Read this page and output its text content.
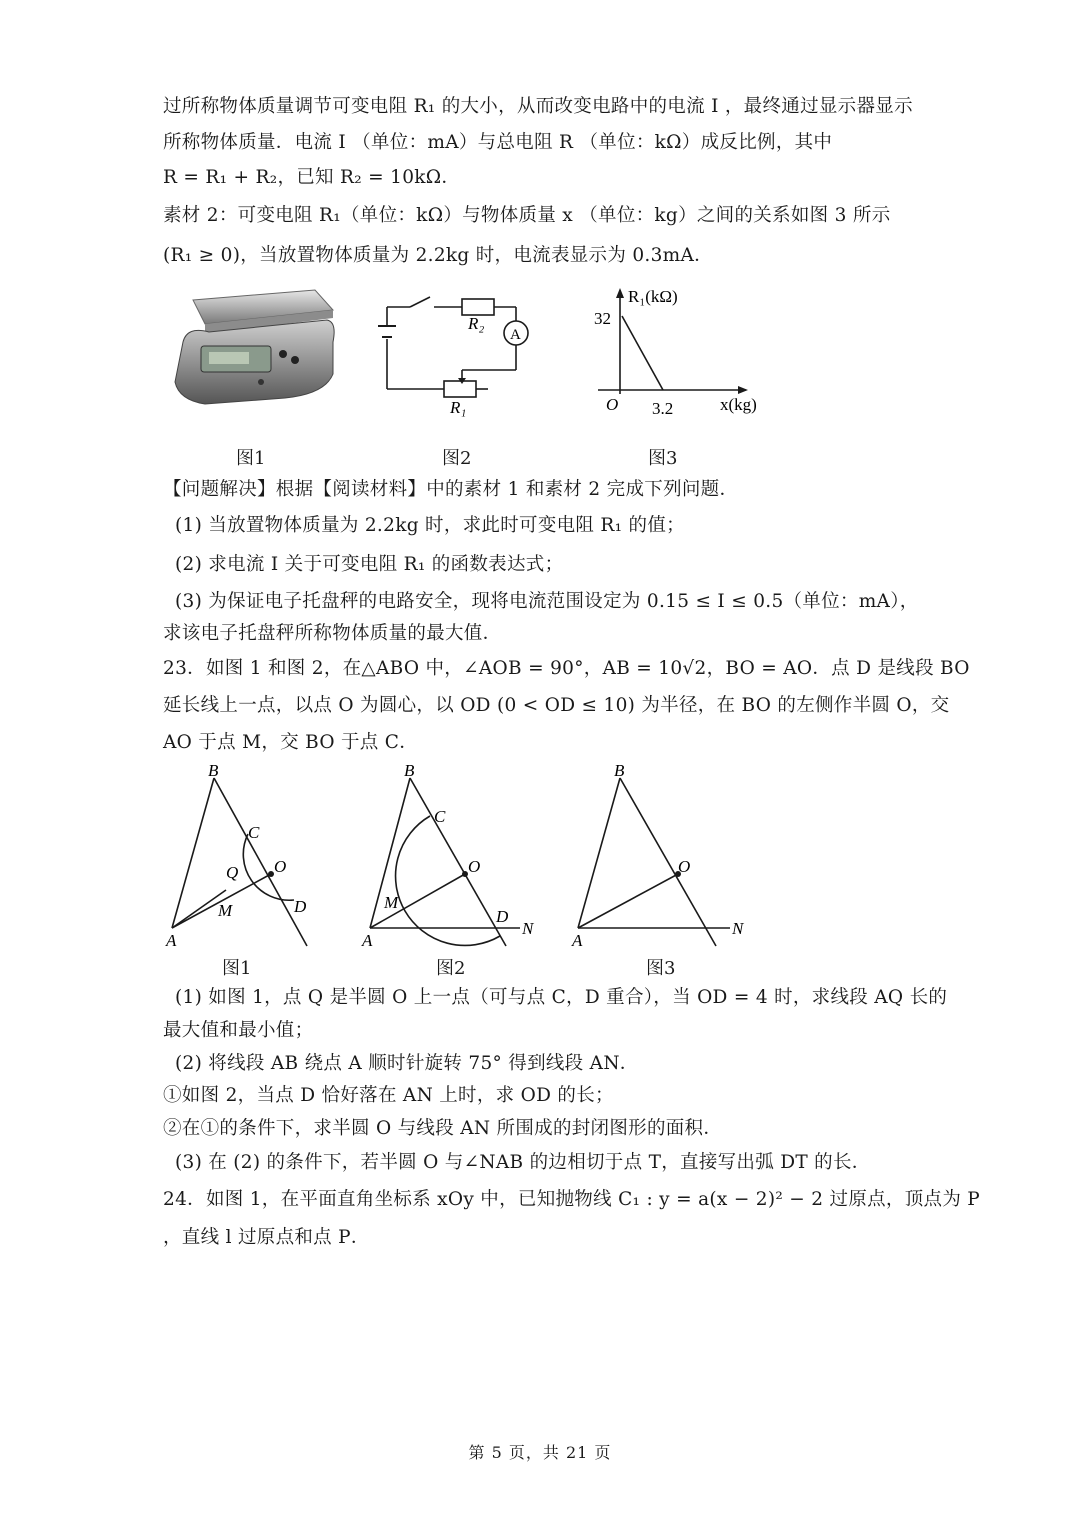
过所称物体质量调节可变电阻 R₁ 的大小，从而改变电路中的电流 I ，最终通过显示器显示
所称物体质量．电流 I （单位：mA）与总电阻 R （单位：kΩ）成反比例，其中
R = R₁ + R₂，已知 R₂ = 10kΩ．
素材 2：可变电阻 R₁（单位：kΩ）与物体质量 x （单位：kg）之间的关系如图 3 所示
(R₁ ≥ 0)，当放置物体质量为 2.2kg 时，电流表显示为 0.3mA．
R₂
A
R₁
R₁(kΩ)
32
O 3.2	x(kg)
图1	图2	图3
【问题解决】根据【阅读材料】中的素材 1 和素材 2 完成下列问题．
(1) 当放置物体质量为 2.2kg 时，求此时可变电阻 R₁ 的值；
(2) 求电流 I 关于可变电阻 R₁ 的函数表达式；
(3) 为保证电子托盘秤的电路安全，现将电流范围设定为 0.15 ≤ I ≤ 0.5（单位：mA），
求该电子托盘秤所称物体质量的最大值．
23．如图 1 和图 2，在△ABO 中，∠AOB = 90°，AB = 10√2，BO = AO．点 D 是线段 BO
延长线上一点，以点 O 为圆心，以 OD (0 < OD ≤ 10) 为半径，在 BO 的左侧作半圆 O，交
AO 于点 M，交 BO 于点 C．
B
C
O
Q
M	D
A
B
C
O
M
D
N
A
B
O
N
A
图1	图2	图3
(1) 如图 1，点 Q 是半圆 O 上一点（可与点 C，D 重合），当 OD = 4 时，求线段 AQ 长的
最大值和最小值；
(2) 将线段 AB 绕点 A 顺时针旋转 75° 得到线段 AN．
①如图 2，当点 D 恰好落在 AN 上时，求 OD 的长；
②在①的条件下，求半圆 O 与线段 AN 所围成的封闭图形的面积．
(3) 在 (2) 的条件下，若半圆 O 与∠NAB 的边相切于点 T，直接写出弧 DT 的长．
24．如图 1，在平面直角坐标系 xOy 中，已知抛物线 C₁ : y = a(x − 2)² − 2 过原点，顶点为 P
，直线 l 过原点和点 P．
第 5 页，共 21 页
